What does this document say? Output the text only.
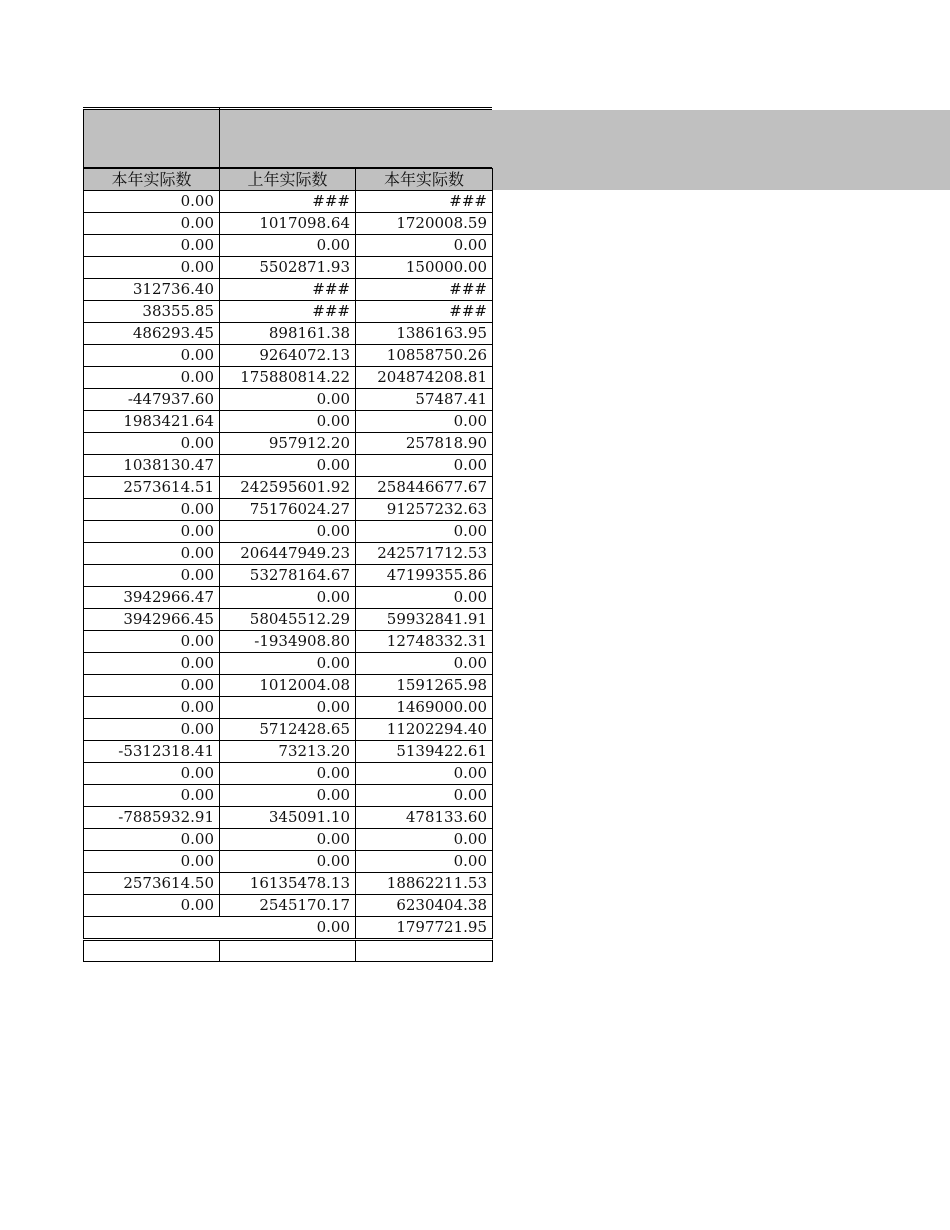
本年实际数	上年实际数	本年实际数
0.00	###	###
0.00	1017098.64	1720008.59
0.00	0.00	0.00
0.00	5502871.93	150000.00
312736.40	###	###
38355.85	###	###
486293.45	898161.38	1386163.95
0.00	9264072.13	10858750.26
0.00	175880814.22	204874208.81
-447937.60	0.00	57487.41
1983421.64	0.00	0.00
0.00	957912.20	257818.90
1038130.47	0.00	0.00
2573614.51	242595601.92	258446677.67
0.00	75176024.27	91257232.63
0.00	0.00	0.00
0.00	206447949.23	242571712.53
0.00	53278164.67	47199355.86
3942966.47	0.00	0.00
3942966.45	58045512.29	59932841.91
0.00	-1934908.80	12748332.31
0.00	0.00	0.00
0.00	1012004.08	1591265.98
0.00	0.00	1469000.00
0.00	5712428.65	11202294.40
-5312318.41	73213.20	5139422.61
0.00	0.00	0.00
0.00	0.00	0.00
-7885932.91	345091.10	478133.60
0.00	0.00	0.00
0.00	0.00	0.00
2573614.50	16135478.13	18862211.53
0.00	2545170.17	6230404.38
0.00		1797721.95
